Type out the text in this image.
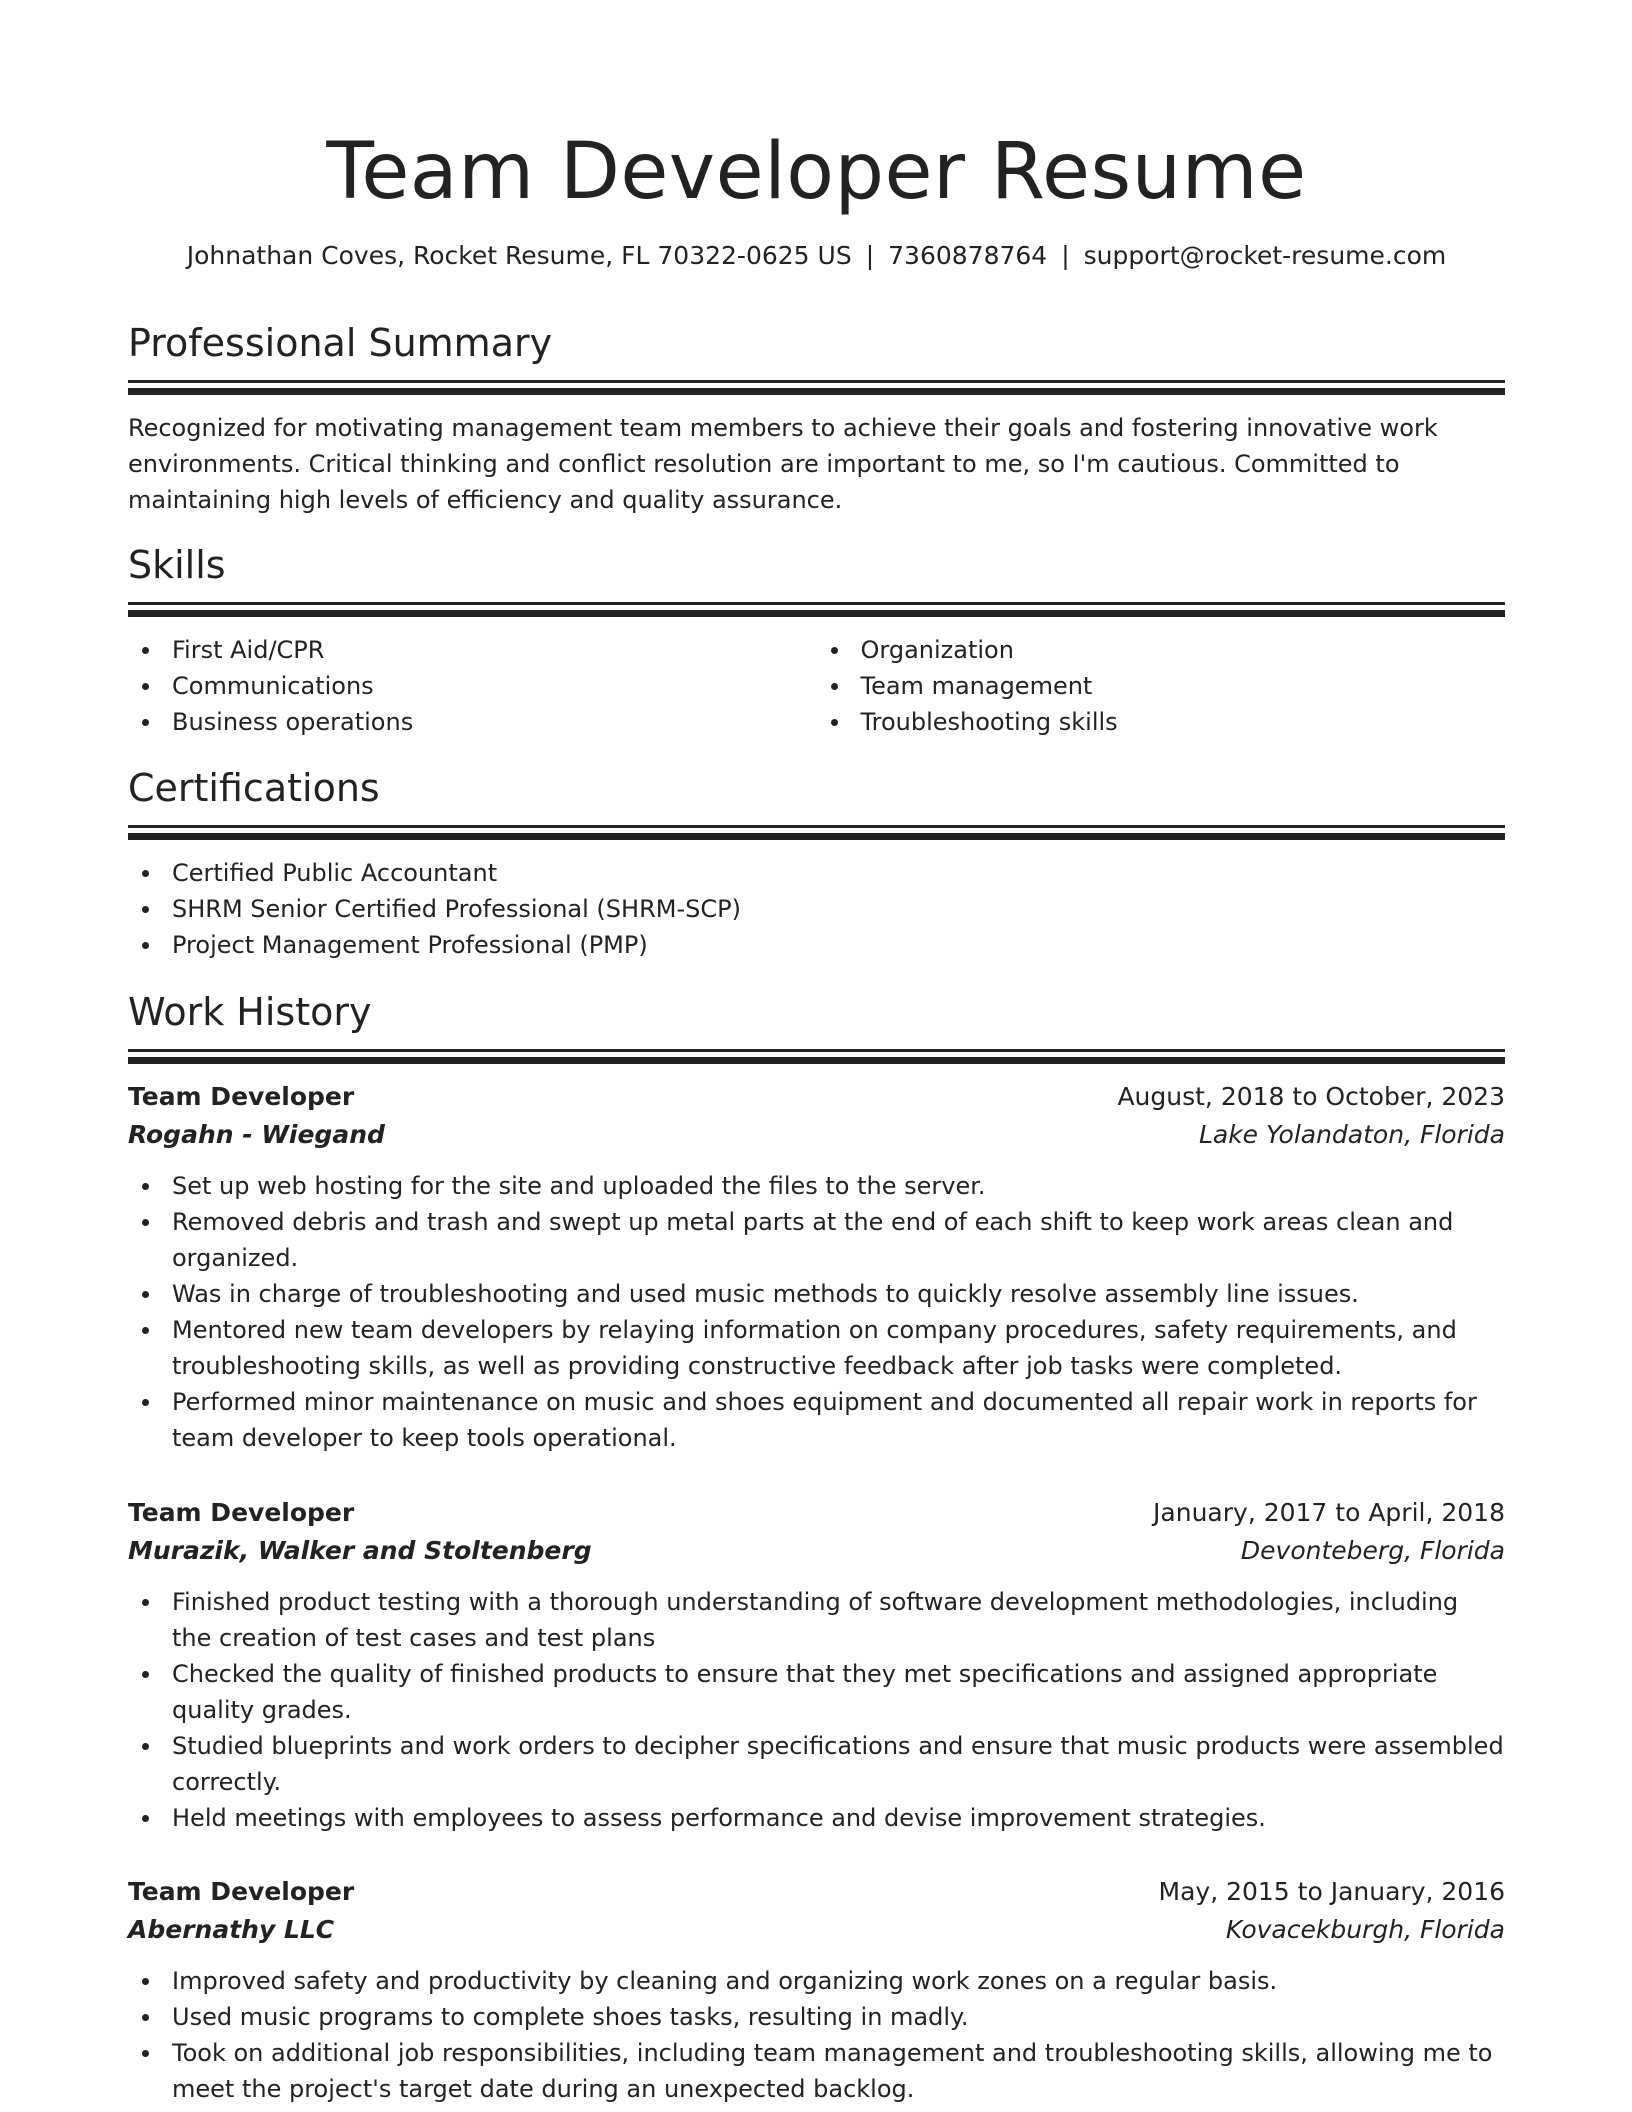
Team Developer Resume
Johnathan Coves, Rocket Resume, FL 70322-0625 US | 7360878764 | support@rocket-resume.com
Professional Summary
Recognized for motivating management team members to achieve their goals and fostering innovative work environments. Critical thinking and conflict resolution are important to me, so I'm cautious. Committed to maintaining high levels of efficiency and quality assurance.
Skills
First Aid/CPR
Communications
Business operations
Organization
Team management
Troubleshooting skills
Certifications
Certified Public Accountant
SHRM Senior Certified Professional (SHRM-SCP)
Project Management Professional (PMP)
Work History
Team Developer	August, 2018 to October, 2023
Rogahn - Wiegand	Lake Yolandaton, Florida
Set up web hosting for the site and uploaded the files to the server.
Removed debris and trash and swept up metal parts at the end of each shift to keep work areas clean and organized.
Was in charge of troubleshooting and used music methods to quickly resolve assembly line issues.
Mentored new team developers by relaying information on company procedures, safety requirements, and troubleshooting skills, as well as providing constructive feedback after job tasks were completed.
Performed minor maintenance on music and shoes equipment and documented all repair work in reports for team developer to keep tools operational.
Team Developer	January, 2017 to April, 2018
Murazik, Walker and Stoltenberg	Devonteberg, Florida
Finished product testing with a thorough understanding of software development methodologies, including the creation of test cases and test plans
Checked the quality of finished products to ensure that they met specifications and assigned appropriate quality grades.
Studied blueprints and work orders to decipher specifications and ensure that music products were assembled correctly.
Held meetings with employees to assess performance and devise improvement strategies.
Team Developer	May, 2015 to January, 2016
Abernathy LLC	Kovacekburgh, Florida
Improved safety and productivity by cleaning and organizing work zones on a regular basis.
Used music programs to complete shoes tasks, resulting in madly.
Took on additional job responsibilities, including team management and troubleshooting skills, allowing me to meet the project's target date during an unexpected backlog.
